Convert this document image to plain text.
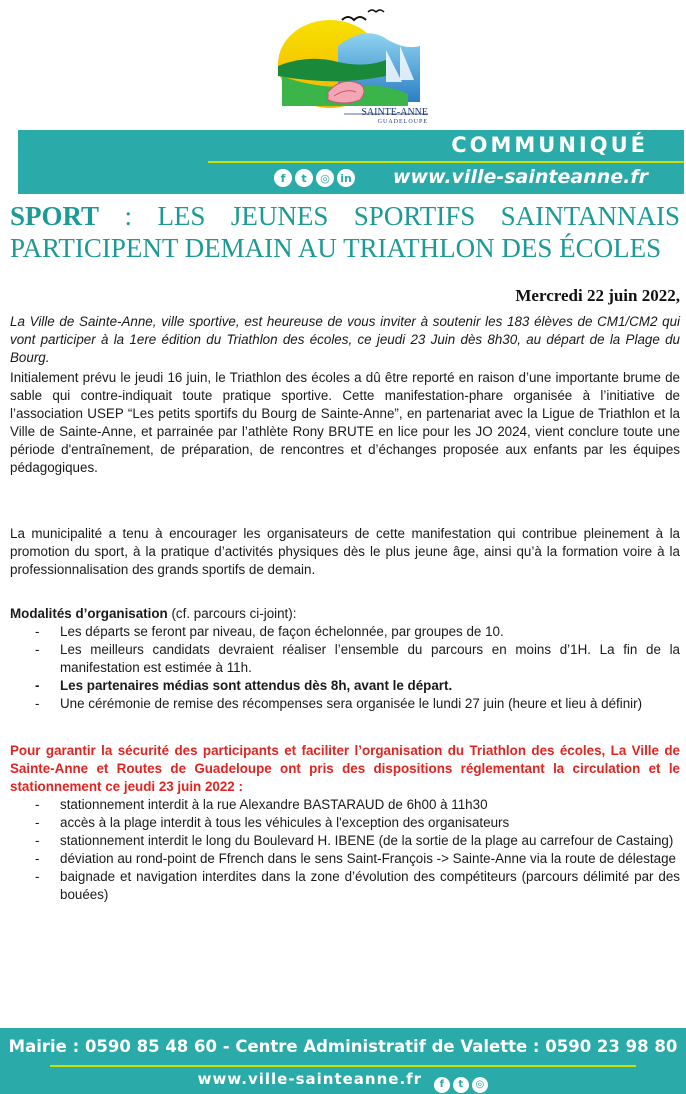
SAINTE-ANNE
GUADELOUPE
COMMUNIQUÉ
f	t	◎ in www.ville-sainteanne.fr
SPORT : LES JEUNES SPORTIFS SAINTANNAIS
PARTICIPENT DEMAIN AU TRIATHLON DES ÉCOLES
Mercredi 22 juin 2022,
La Ville de Sainte-Anne, ville sportive, est heureuse de vous inviter à soutenir les 183 élèves de CM1/CM2 qui vont participer à la 1ere édition du Triathlon des écoles, ce jeudi 23 Juin dès 8h30, au départ de la Plage du Bourg.
Initialement prévu le jeudi 16 juin, le Triathlon des écoles a dû être reporté en raison d’une importante brume de sable qui contre-indiquait toute pratique sportive. Cette manifestation-phare organisée à l’initiative de l’association USEP “Les petits sportifs du Bourg de Sainte-Anne”, en partenariat avec la Ligue de Triathlon et la Ville de Sainte-Anne, et parrainée par l’athlète Rony BRUTE en lice pour les JO 2024, vient conclure toute une période d'entraînement, de préparation, de rencontres et d’échanges proposée aux enfants par les équipes pédagogiques.
La municipalité a tenu à encourager les organisateurs de cette manifestation qui contribue pleinement à la promotion du sport, à la pratique d’activités physiques dès le plus jeune âge, ainsi qu’à la formation voire à la professionnalisation des grands sportifs de demain.
Modalités d’organisation (cf. parcours ci-joint):
- Les départs se feront par niveau, de façon échelonnée, par groupes de 10.
- Les meilleurs candidats devraient réaliser l’ensemble du parcours en moins d’1H. La fin de la manifestation est estimée à 11h.
- Les partenaires médias sont attendus dès 8h, avant le départ.
- Une cérémonie de remise des récompenses sera organisée le lundi 27 juin (heure et lieu à définir)
Pour garantir la sécurité des participants et faciliter l’organisation du Triathlon des écoles, La Ville de Sainte-Anne et Routes de Guadeloupe ont pris des dispositions réglementant la circulation et le stationnement ce jeudi 23 juin 2022 :
- stationnement interdit à la rue Alexandre BASTARAUD de 6h00 à 11h30
- accès à la plage interdit à tous les véhicules à l'exception des organisateurs
- stationnement interdit le long du Boulevard H. IBENE (de la sortie de la plage au carrefour de Castaing)
- déviation au rond-point de Ffrench dans le sens Saint-François -> Sainte-Anne via la route de délestage
- baignade et navigation interdites dans la zone d’évolution des compétiteurs (parcours délimité par des bouées)
Mairie : 0590 85 48 60 - Centre Administratif de Valette : 0590 23 98 80
www.ville-sainteanne.fr	f	t	◎
